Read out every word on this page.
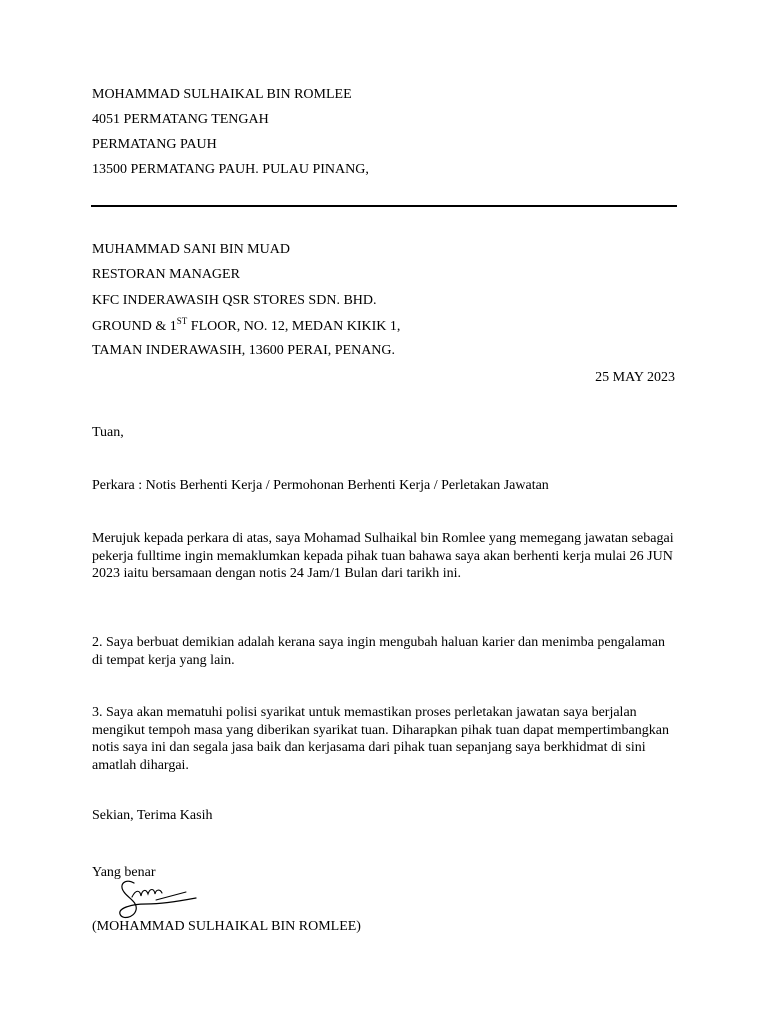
MOHAMMAD SULHAIKAL BIN ROMLEE
4051 PERMATANG TENGAH
PERMATANG PAUH
13500 PERMATANG PAUH. PULAU PINANG,
MUHAMMAD SANI BIN MUAD
RESTORAN MANAGER
KFC INDERAWASIH QSR STORES SDN. BHD.
GROUND & 1ST FLOOR, NO. 12, MEDAN KIKIK 1,
TAMAN INDERAWASIH, 13600 PERAI, PENANG.
25 MAY 2023
Tuan,
Perkara : Notis Berhenti Kerja / Permohonan Berhenti Kerja / Perletakan Jawatan
Merujuk kepada perkara di atas, saya Mohamad Sulhaikal bin Romlee yang memegang jawatan sebagai pekerja fulltime ingin memaklumkan kepada pihak tuan bahawa saya akan berhenti kerja mulai 26 JUN 2023 iaitu bersamaan dengan notis 24 Jam/1 Bulan dari tarikh ini.
2. Saya berbuat demikian adalah kerana saya ingin mengubah haluan karier dan menimba pengalaman di tempat kerja yang lain.
3. Saya akan mematuhi polisi syarikat untuk memastikan proses perletakan jawatan saya berjalan mengikut tempoh masa yang diberikan syarikat tuan. Diharapkan pihak tuan dapat mempertimbangkan notis saya ini dan segala jasa baik dan kerjasama dari pihak tuan sepanjang saya berkhidmat di sini amatlah dihargai.
Sekian, Terima Kasih
Yang benar
(MOHAMMAD SULHAIKAL BIN ROMLEE)
